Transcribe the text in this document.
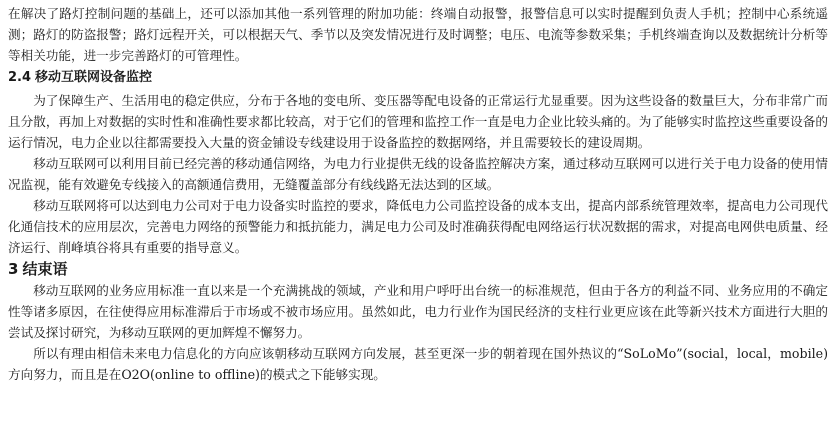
在解决了路灯控制问题的基础上，还可以添加其他一系列管理的附加功能：终端自动报警，报警信息可以实时提醒到负责人手机；控制中心系统遥测；路灯的防盗报警；路灯远程开关，可以根据天气、季节以及突发情况进行及时调整；电压、电流等参数采集；手机终端查询以及数据统计分析等等相关功能，进一步完善路灯的可管理性。

2.4 移动互联网设备监控

为了保障生产、生活用电的稳定供应，分布于各地的变电所、变压器等配电设备的正常运行尤显重要。因为这些设备的数量巨大，分布非常广而且分散，再加上对数据的实时性和准确性要求都比较高，对于它们的管理和监控工作一直是电力企业比较头痛的。为了能够实时监控这些重要设备的运行情况，电力企业以往都需要投入大量的资金铺设专线建设用于设备监控的数据网络，并且需要较长的建设周期。

移动互联网可以利用目前已经完善的移动通信网络，为电力行业提供无线的设备监控解决方案，通过移动互联网可以进行关于电力设备的使用情况监视，能有效避免专线接入的高额通信费用，无缝覆盖部分有线线路无法达到的区域。

移动互联网将可以达到电力公司对于电力设备实时监控的要求，降低电力公司监控设备的成本支出，提高内部系统管理效率，提高电力公司现代化通信技术的应用层次，完善电力网络的预警能力和抵抗能力，满足电力公司及时准确获得配电网络运行状况数据的需求，对提高电网供电质量、经济运行、削峰填谷将具有重要的指导意义。

3 结束语

移动互联网的业务应用标准一直以来是一个充满挑战的领域，产业和用户呼吁出台统一的标准规范，但由于各方的利益不同、业务应用的不确定性等诸多原因，在往使得应用标准滞后于市场或不被市场应用。虽然如此，电力行业作为国民经济的支柱行业更应该在此等新兴技术方面进行大胆的尝试及探讨研究，为移动互联网的更加辉煌不懈努力。

所以有理由相信未来电力信息化的方向应该朝移动互联网方向发展，甚至更深一步的朝着现在国外热议的“SoLoMo”(social，local，mobile)方向努力，而且是在O2O(online to offline)的模式之下能够实现。
